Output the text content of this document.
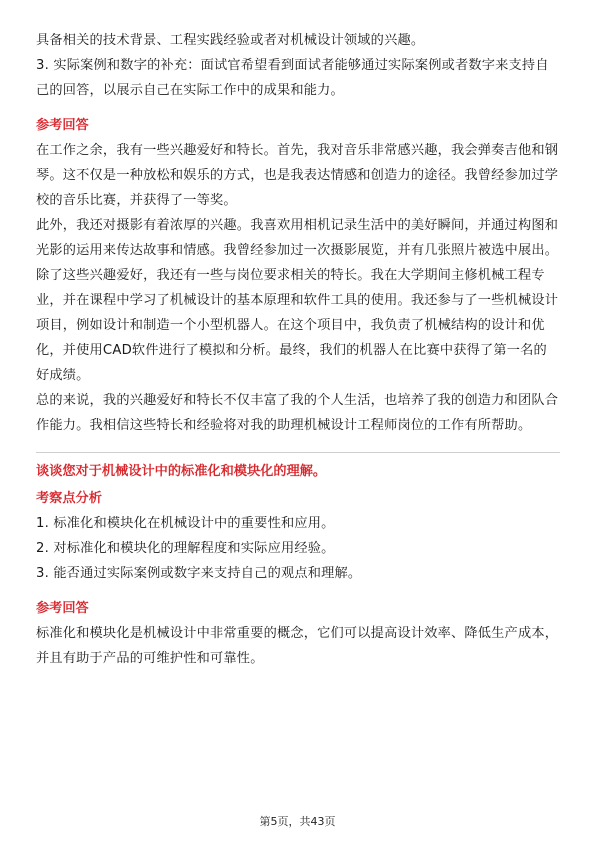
具备相关的技术背景、工程实践经验或者对机械设计领域的兴趣。

3. 实际案例和数字的补充：面试官希望看到面试者能够通过实际案例或者数字来支持自己的回答，以展示自己在实际工作中的成果和能力。

参考回答

在工作之余，我有一些兴趣爱好和特长。首先，我对音乐非常感兴趣，我会弹奏吉他和钢琴。这不仅是一种放松和娱乐的方式，也是我表达情感和创造力的途径。我曾经参加过学校的音乐比赛，并获得了一等奖。

此外，我还对摄影有着浓厚的兴趣。我喜欢用相机记录生活中的美好瞬间，并通过构图和光影的运用来传达故事和情感。我曾经参加过一次摄影展览，并有几张照片被选中展出。

除了这些兴趣爱好，我还有一些与岗位要求相关的特长。我在大学期间主修机械工程专业，并在课程中学习了机械设计的基本原理和软件工具的使用。我还参与了一些机械设计项目，例如设计和制造一个小型机器人。在这个项目中，我负责了机械结构的设计和优化，并使用CAD软件进行了模拟和分析。最终，我们的机器人在比赛中获得了第一名的好成绩。

总的来说，我的兴趣爱好和特长不仅丰富了我的个人生活，也培养了我的创造力和团队合作能力。我相信这些特长和经验将对我的助理机械设计工程师岗位的工作有所帮助。

谈谈您对于机械设计中的标准化和模块化的理解。

考察点分析

1. 标准化和模块化在机械设计中的重要性和应用。

2. 对标准化和模块化的理解程度和实际应用经验。

3. 能否通过实际案例或数字来支持自己的观点和理解。

参考回答

标准化和模块化是机械设计中非常重要的概念，它们可以提高设计效率、降低生产成本，并且有助于产品的可维护性和可靠性。

第5页，共43页
